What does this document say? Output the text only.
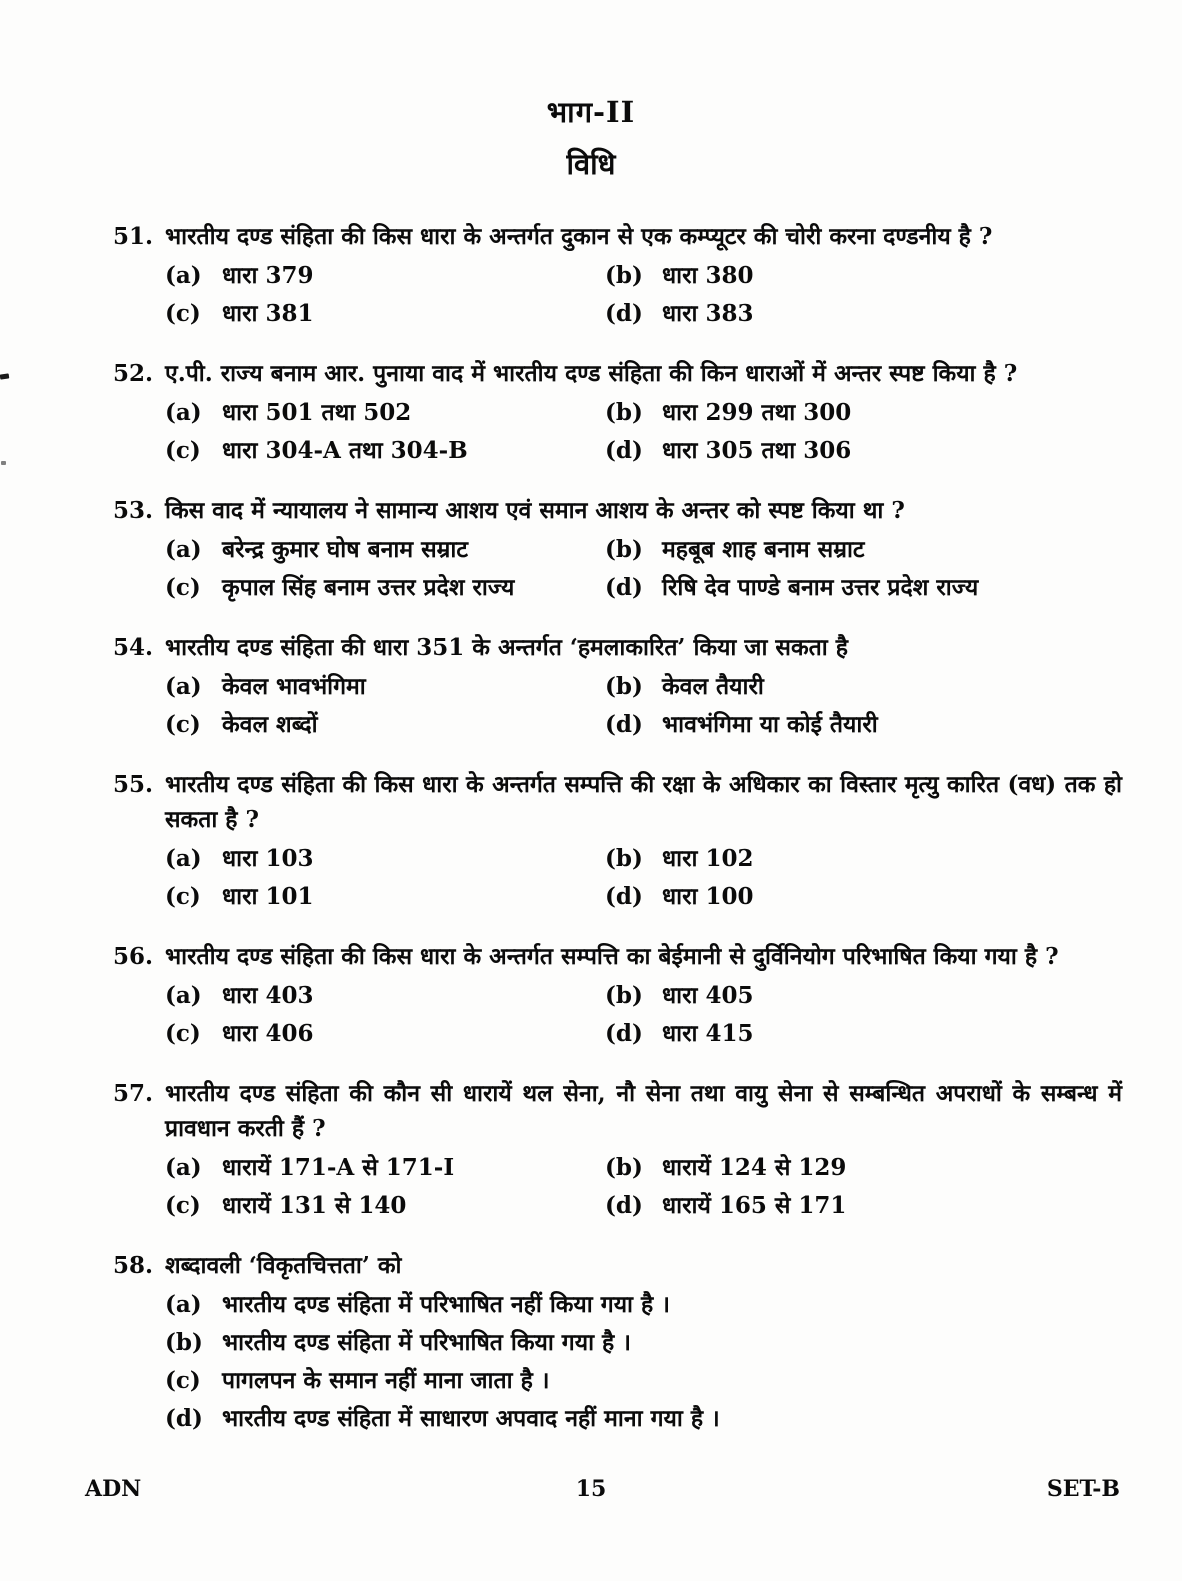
भाग-II
विधि
51. भारतीय दण्ड संहिता की किस धारा के अन्तर्गत दुकान से एक कम्प्यूटर की चोरी करना दण्डनीय है ?
(a) धारा 379	(b) धारा 380
(c) धारा 381	(d) धारा 383
52. ए.पी. राज्य बनाम आर. पुनाया वाद में भारतीय दण्ड संहिता की किन धाराओं में अन्तर स्पष्ट किया है ?
(a) धारा 501 तथा 502	(b) धारा 299 तथा 300
(c) धारा 304-A तथा 304-B	(d) धारा 305 तथा 306
53. किस वाद में न्यायालय ने सामान्य आशय एवं समान आशय के अन्तर को स्पष्ट किया था ?
(a) बरेन्द्र कुमार घोष बनाम सम्राट	(b) महबूब शाह बनाम सम्राट
(c) कृपाल सिंह बनाम उत्तर प्रदेश राज्य	(d) रिषि देव पाण्डे बनाम उत्तर प्रदेश राज्य
54. भारतीय दण्ड संहिता की धारा 351 के अन्तर्गत ‘हमलाकारित’ किया जा सकता है
(a) केवल भावभंगिमा	(b) केवल तैयारी
(c) केवल शब्दों	(d) भावभंगिमा या कोई तैयारी
55. भारतीय दण्ड संहिता की किस धारा के अन्तर्गत सम्पत्ति की रक्षा के अधिकार का विस्तार मृत्यु कारित (वध) तक हो सकता है ?
(a) धारा 103	(b) धारा 102
(c) धारा 101	(d) धारा 100
56. भारतीय दण्ड संहिता की किस धारा के अन्तर्गत सम्पत्ति का बेईमानी से दुर्विनियोग परिभाषित किया गया है ?
(a) धारा 403	(b) धारा 405
(c) धारा 406	(d) धारा 415
57. भारतीय दण्ड संहिता की कौन सी धारायें थल सेना, नौ सेना तथा वायु सेना से सम्बन्धित अपराधों के सम्बन्ध में प्रावधान करती हैं ?
(a) धारायें 171-A से 171-I	(b) धारायें 124 से 129
(c) धारायें 131 से 140	(d) धारायें 165 से 171
58. शब्दावली ‘विकृतचित्तता’ को
(a) भारतीय दण्ड संहिता में परिभाषित नहीं किया गया है ।
(b) भारतीय दण्ड संहिता में परिभाषित किया गया है ।
(c) पागलपन के समान नहीं माना जाता है ।
(d) भारतीय दण्ड संहिता में साधारण अपवाद नहीं माना गया है ।
ADN	15	SET-B
